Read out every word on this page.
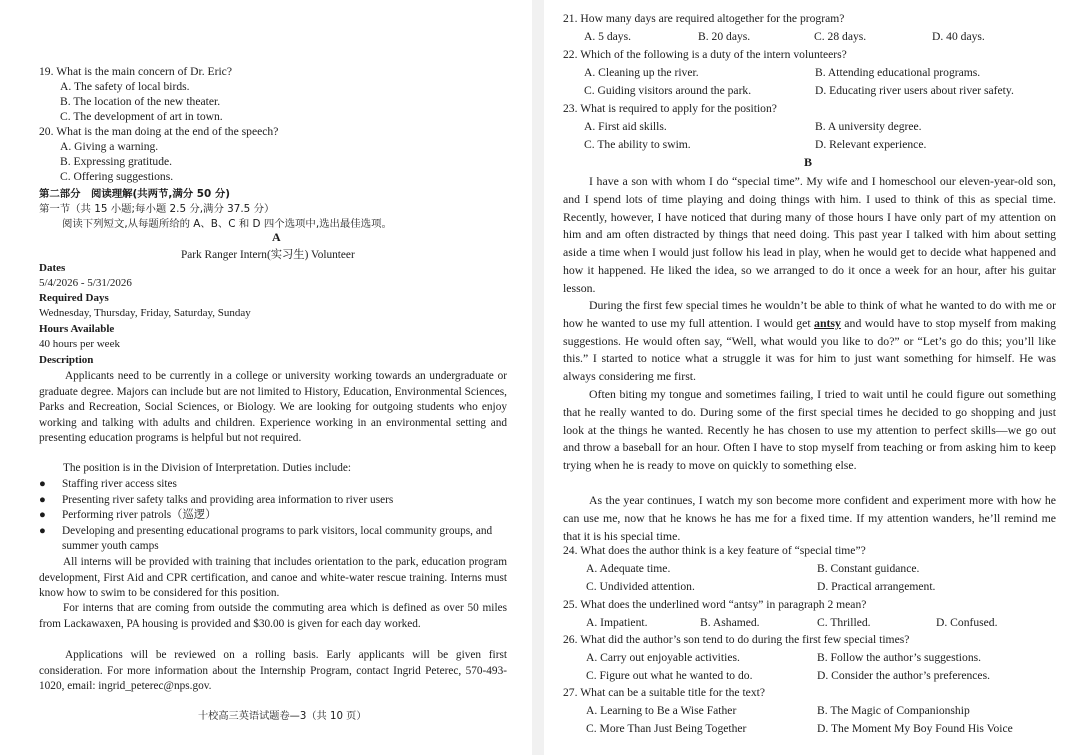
19. What is the main concern of Dr. Eric?
A. The safety of local birds.
B. The location of the new theater.
C. The development of art in town.
20. What is the man doing at the end of the speech?
A. Giving a warning.
B. Expressing gratitude.
C. Offering suggestions.
第二部分　阅读理解(共两节,满分 50 分)
第一节（共 15 小题;每小题 2.5 分,满分 37.5 分）
阅读下列短文,从每题所给的 A、B、C 和 D 四个选项中,选出最佳选项。
A
Park Ranger Intern(实习生) Volunteer
Dates
5/4/2026 - 5/31/2026
Required Days
Wednesday, Thursday, Friday, Saturday, Sunday
Hours Available
40 hours per week
Description
Applicants need to be currently in a college or university working towards an undergraduate or graduate degree. Majors can include but are not limited to History, Education, Environmental Sciences, Parks and Recreation, Social Sciences, or Biology. We are looking for outgoing students who enjoy working and talking with adults and children. Experience working in an environmental setting and presenting education programs is helpful but not required.
The position is in the Division of Interpretation. Duties include:
● Staffing river access sites
● Presenting river safety talks and providing area information to river users
● Performing river patrols（巡逻）
● Developing and presenting educational programs to park visitors, local community groups, and summer youth camps
All interns will be provided with training that includes orientation to the park, education program development, First Aid and CPR certification, and canoe and white-water rescue training. Interns must know how to swim to be considered for this position.
For interns that are coming from outside the commuting area which is defined as over 50 miles from Lackawaxen, PA housing is provided and $30.00 is given for each day worked.
Applications will be reviewed on a rolling basis. Early applicants will be given first consideration. For more information about the Internship Program, contact Ingrid Peterec, 570-493-1020, email: ingrid_peterec@nps.gov.
十校高三英语试题卷—3（共 10 页）
21. How many days are required altogether for the program?
A. 5 days.	B. 20 days.	C. 28 days.	D. 40 days.
22. Which of the following is a duty of the intern volunteers?
A. Cleaning up the river.	B. Attending educational programs.
C. Guiding visitors around the park.	D. Educating river users about river safety.
23. What is required to apply for the position?
A. First aid skills.	B. A university degree.
C. The ability to swim.	D. Relevant experience.
B
I have a son with whom I do “special time”. My wife and I homeschool our eleven-year-old son, and I spend lots of time playing and doing things with him. I used to think of this as special time. Recently, however, I have noticed that during many of those hours I have only part of my attention on him and am often distracted by things that need doing. This past year I talked with him about setting aside a time when I would just follow his lead in play, when he would get to decide what happened and how it happened. He liked the idea, so we arranged to do it once a week for an hour, after his guitar lesson.
During the first few special times he wouldn’t be able to think of what he wanted to do with me or how he wanted to use my full attention. I would get antsy and would have to stop myself from making suggestions. He would often say, “Well, what would you like to do?” or “Let’s go do this; you’ll like this.” I started to notice what a struggle it was for him to just want something for himself. He was always considering me first.
Often biting my tongue and sometimes failing, I tried to wait until he could figure out something that he really wanted to do. During some of the first special times he decided to go shopping and just look at the things he wanted. Recently he has chosen to use my attention to perfect skills—we go out and throw a baseball for an hour. Often I have to stop myself from teaching or from asking him to keep trying when he is ready to move on quickly to something else.
As the year continues, I watch my son become more confident and experiment more with how he can use me, now that he knows he has me for a fixed time. If my attention wanders, he’ll remind me that it is his special time.
24. What does the author think is a key feature of “special time”?
A. Adequate time.	B. Constant guidance.
C. Undivided attention.	D. Practical arrangement.
25. What does the underlined word “antsy” in paragraph 2 mean?
A. Impatient.	B. Ashamed.	C. Thrilled.	D. Confused.
26. What did the author’s son tend to do during the first few special times?
A. Carry out enjoyable activities.	B. Follow the author’s suggestions.
C. Figure out what he wanted to do.	D. Consider the author’s preferences.
27. What can be a suitable title for the text?
A. Learning to Be a Wise Father	B. The Magic of Companionship
C. More Than Just Being Together	D. The Moment My Boy Found His Voice
